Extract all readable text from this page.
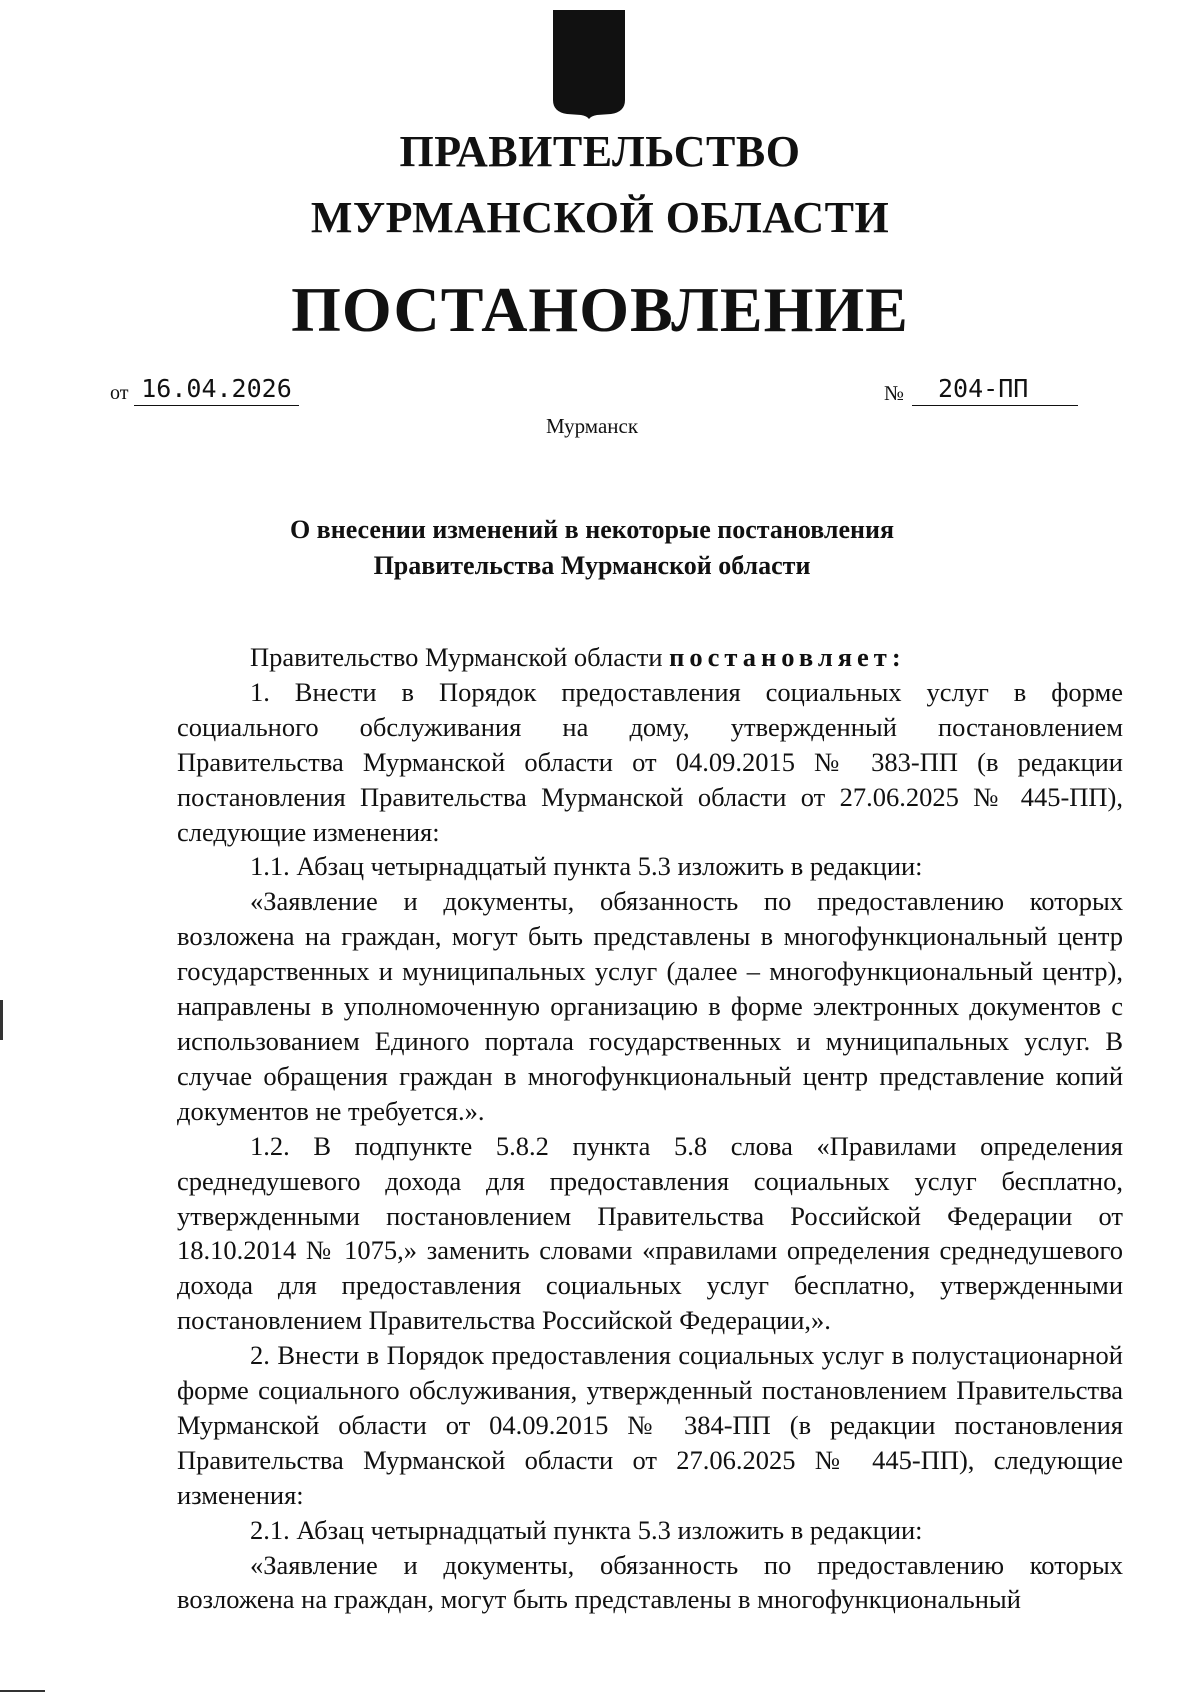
ПРАВИТЕЛЬСТВО
МУРМАНСКОЙ ОБЛАСТИ
ПОСТАНОВЛЕНИЕ
от 16.04.2026	№	204-ПП
Мурманск
О внесении изменений в некоторые постановления
Правительства Мурманской области

Правительство Мурманской области постановляет:

1. Внести в Порядок предоставления социальных услуг в форме социального обслуживания на дому, утвержденный постановлением Правительства Мурманской области от 04.09.2015 № 383-ПП (в редакции постановления Правительства Мурманской области от 27.06.2025 № 445-ПП), следующие изменения:

1.1. Абзац четырнадцатый пункта 5.3 изложить в редакции:

«Заявление и документы, обязанность по предоставлению которых возложена на граждан, могут быть представлены в многофункциональный центр государственных и муниципальных услуг (далее – многофункциональный центр), направлены в уполномоченную организацию в форме электронных документов с использованием Единого портала государственных и муниципальных услуг. В случае обращения граждан в многофункциональный центр представление копий документов не требуется.».

1.2. В подпункте 5.8.2 пункта 5.8 слова «Правилами определения среднедушевого дохода для предоставления социальных услуг бесплатно, утвержденными постановлением Правительства Российской Федерации от 18.10.2014 № 1075,» заменить словами «правилами определения среднедушевого дохода для предоставления социальных услуг бесплатно, утвержденными постановлением Правительства Российской Федерации,».

2. Внести в Порядок предоставления социальных услуг в полустационарной форме социального обслуживания, утвержденный постановлением Правительства Мурманской области от 04.09.2015 № 384-ПП (в редакции постановления Правительства Мурманской области от 27.06.2025 № 445-ПП), следующие изменения:

2.1. Абзац четырнадцатый пункта 5.3 изложить в редакции:

«Заявление и документы, обязанность по предоставлению которых возложена на граждан, могут быть представлены в многофункциональный
